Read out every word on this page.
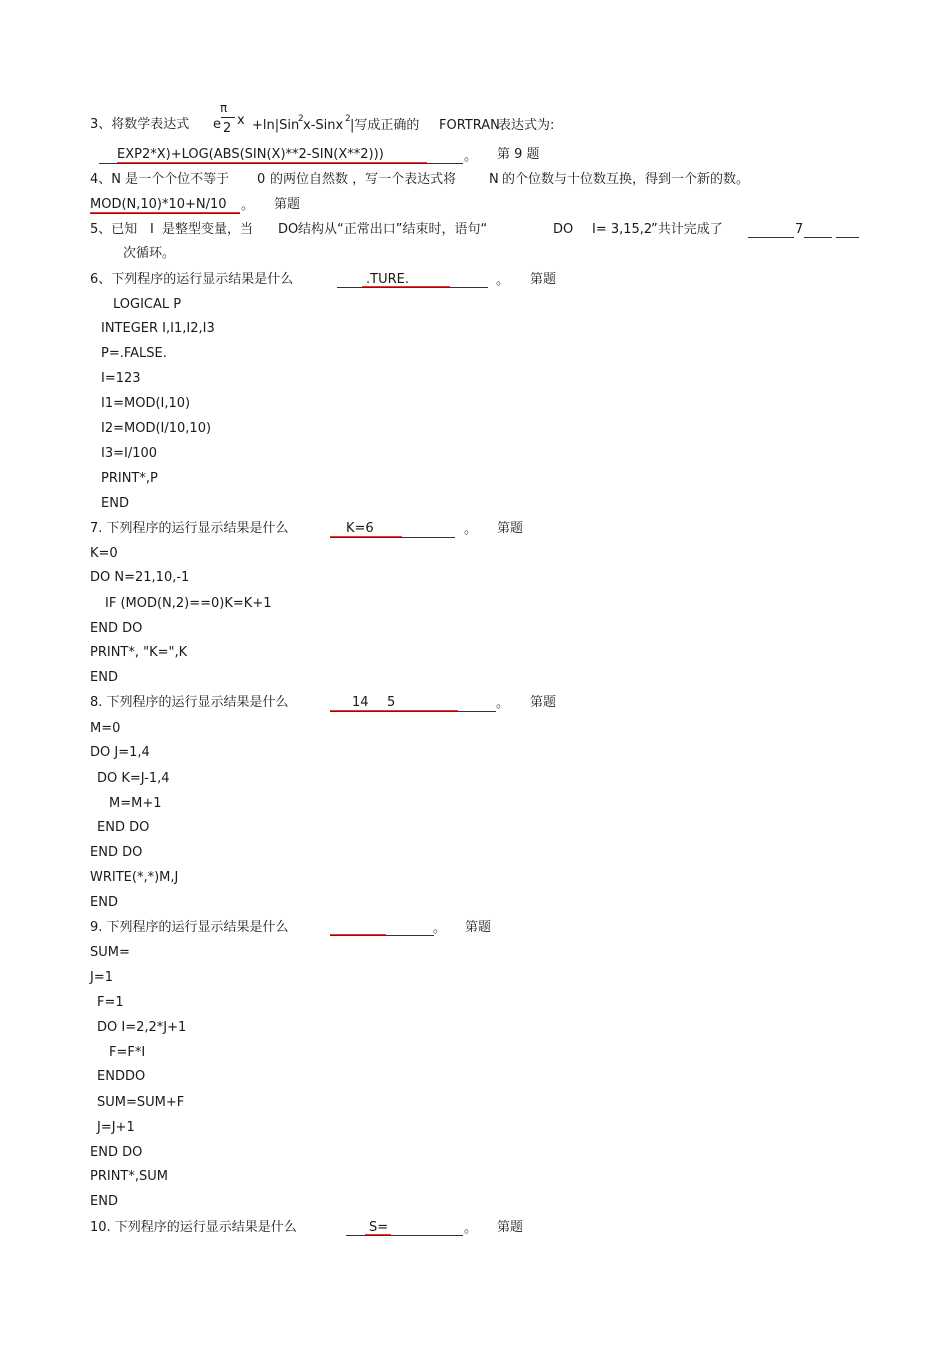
3、将数学表达式
π
e 2
x +ln|Sin
2 x-Sinx 2 |写成正确的 FORTRAN
表达式为:
EXP2*X)+LOG(ABS(SIN(X)**2-SIN(X**2)))	。 第 9 题
4、N 是一个个位不等于 0 的两位自然数 ，写一个表达式将	N 的个位数与十位数互换，得到一个新的数。
MOD(N,10)*10+N/10 。 第题
5、已知 I 是整型变量，当 DO 结构从“正常出口”结束时，语句“	DO I= 3,15,2
”共计完成了	7
次循环。
6、下列程序的运行显示结果是什么	.TURE.	。 第题
LOGICAL P
INTEGER I,I1,I2,I3
P=.FALSE.
I=123
I1=MOD(I,10)
I2=MOD(I/10,10)
I3=I/100
PRINT*,P
END
7. 下列程序的运行显示结果是什么	K=6	。 第题
K=0
DO N=21,10,-1
IF (MOD(N,2)==0)K=K+1
END DO
PRINT*, "K=",K
END
8. 下列程序的运行显示结果是什么	14 5	。 第题
M=0
DO J=1,4
DO K=J-1,4
M=M+1
END DO
END DO
WRITE(*,*)M,J
END
9. 下列程序的运行显示结果是什么	。 第题
SUM=
J=1
F=1
DO I=2,2*J+1
F=F*I
ENDDO
SUM=SUM+F
J=J+1
END DO
PRINT*,SUM
END
10. 下列程序的运行显示结果是什么	S=	。 第题
